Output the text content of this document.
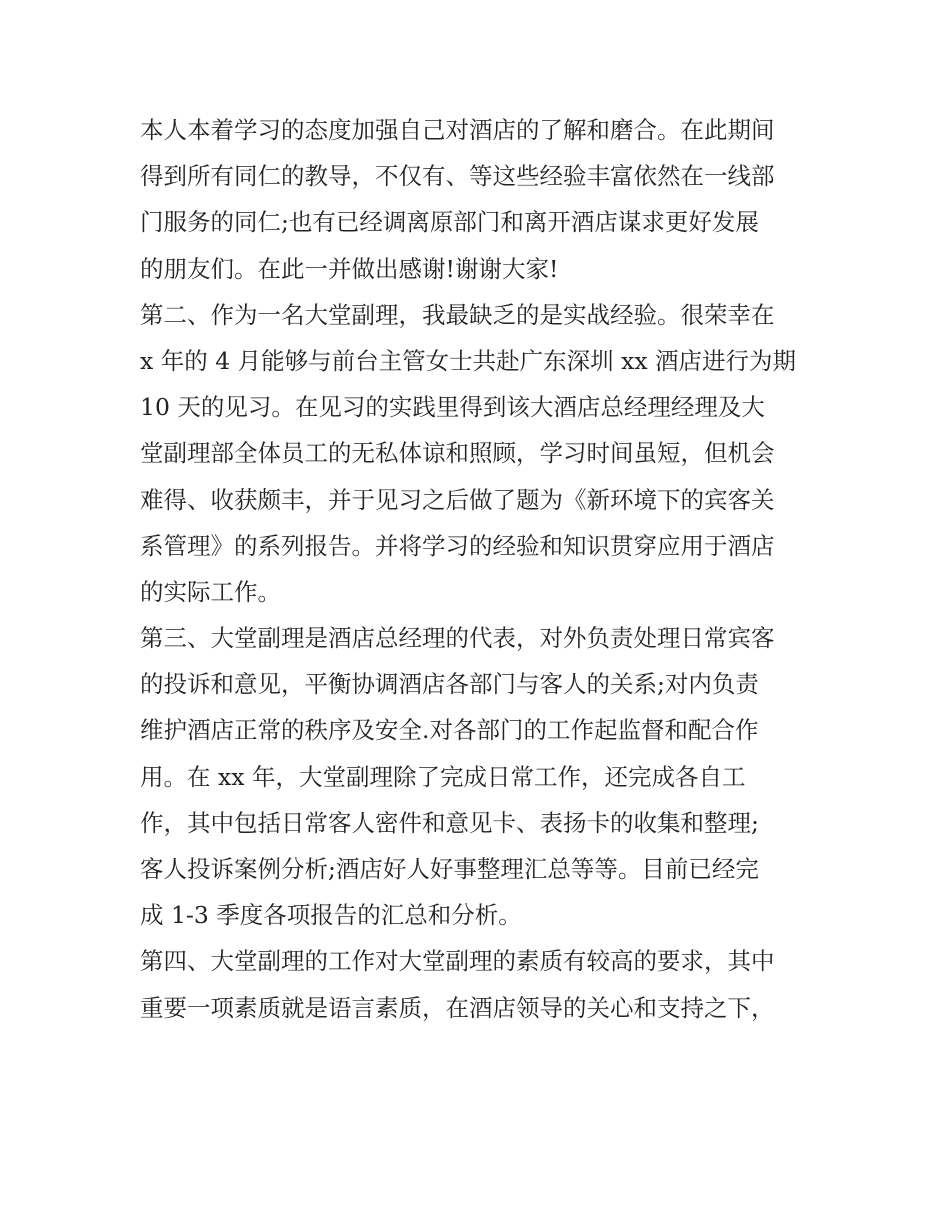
本人本着学习的态度加强自己对酒店的了解和磨合。在此期间
得到所有同仁的教导，不仅有、等这些经验丰富依然在一线部
门服务的同仁;也有已经调离原部门和离开酒店谋求更好发展
的朋友们。在此一并做出感谢!谢谢大家!
第二、作为一名大堂副理，我最缺乏的是实战经验。很荣幸在
x 年的 4 月能够与前台主管女士共赴广东深圳 xx 酒店进行为期
10 天的见习。在见习的实践里得到该大酒店总经理经理及大
堂副理部全体员工的无私体谅和照顾，学习时间虽短，但机会
难得、收获颇丰，并于见习之后做了题为《新环境下的宾客关
系管理》的系列报告。并将学习的经验和知识贯穿应用于酒店
的实际工作。
第三、大堂副理是酒店总经理的代表，对外负责处理日常宾客
的投诉和意见，平衡协调酒店各部门与客人的关系;对内负责
维护酒店正常的秩序及安全.对各部门的工作起监督和配合作
用。在 xx 年，大堂副理除了完成日常工作，还完成各自工
作，其中包括日常客人密件和意见卡、表扬卡的收集和整理;
客人投诉案例分析;酒店好人好事整理汇总等等。目前已经完
成 1-3 季度各项报告的汇总和分析。
第四、大堂副理的工作对大堂副理的素质有较高的要求，其中
重要一项素质就是语言素质，在酒店领导的关心和支持之下，
